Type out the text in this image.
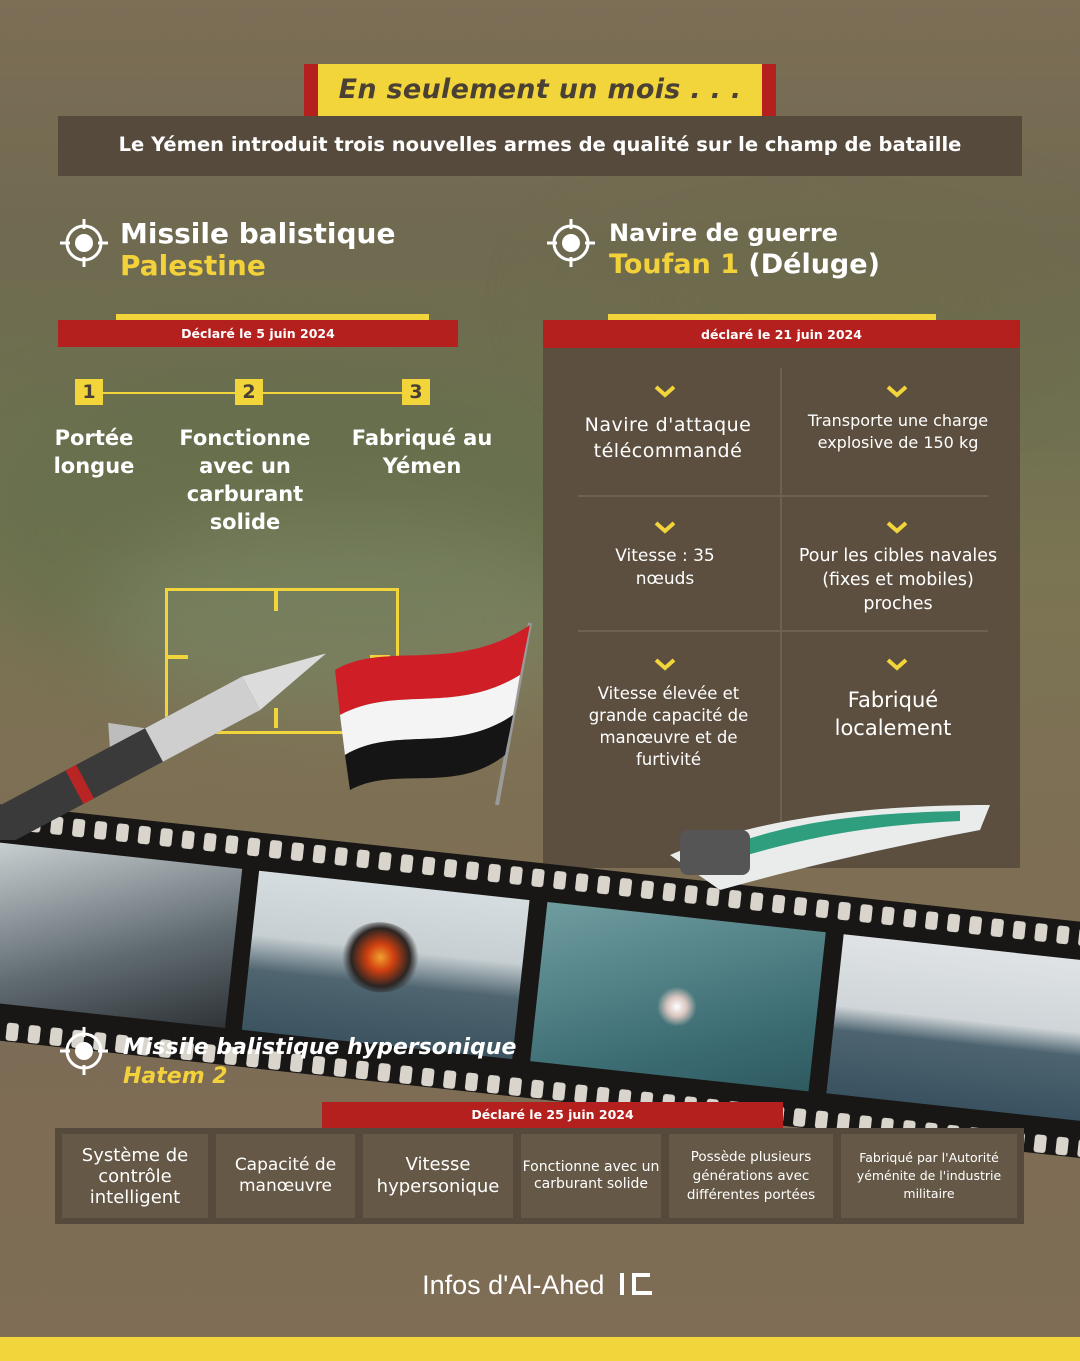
En seulement un mois . . .
Le Yémen introduit trois nouvelles armes de qualité sur le champ de bataille
Missile balistique
Palestine
Déclaré le 5 juin 2024
1	2	3
Portée longue
Fonctionne avec un carburant solide
Fabriqué au Yémen
Navire de guerre
Toufan 1 (Déluge)
déclaré le 21 juin 2024
Navire d'attaque télécommandé
Transporte une charge explosive de 150 kg
Vitesse : 35 nœuds
Pour les cibles navales (fixes et mobiles) proches
Vitesse élevée et grande capacité de manœuvre et de furtivité
Fabriqué localement
Missile balistique hypersonique
Hatem 2
Déclaré le 25 juin 2024
Système de contrôle intelligent
Capacité de manœuvre
Vitesse hypersonique
Fonctionne avec un carburant solide
Possède plusieurs générations avec différentes portées
Fabriqué par l'Autorité yéménite de l'industrie militaire
Infos d'Al-Ahed
